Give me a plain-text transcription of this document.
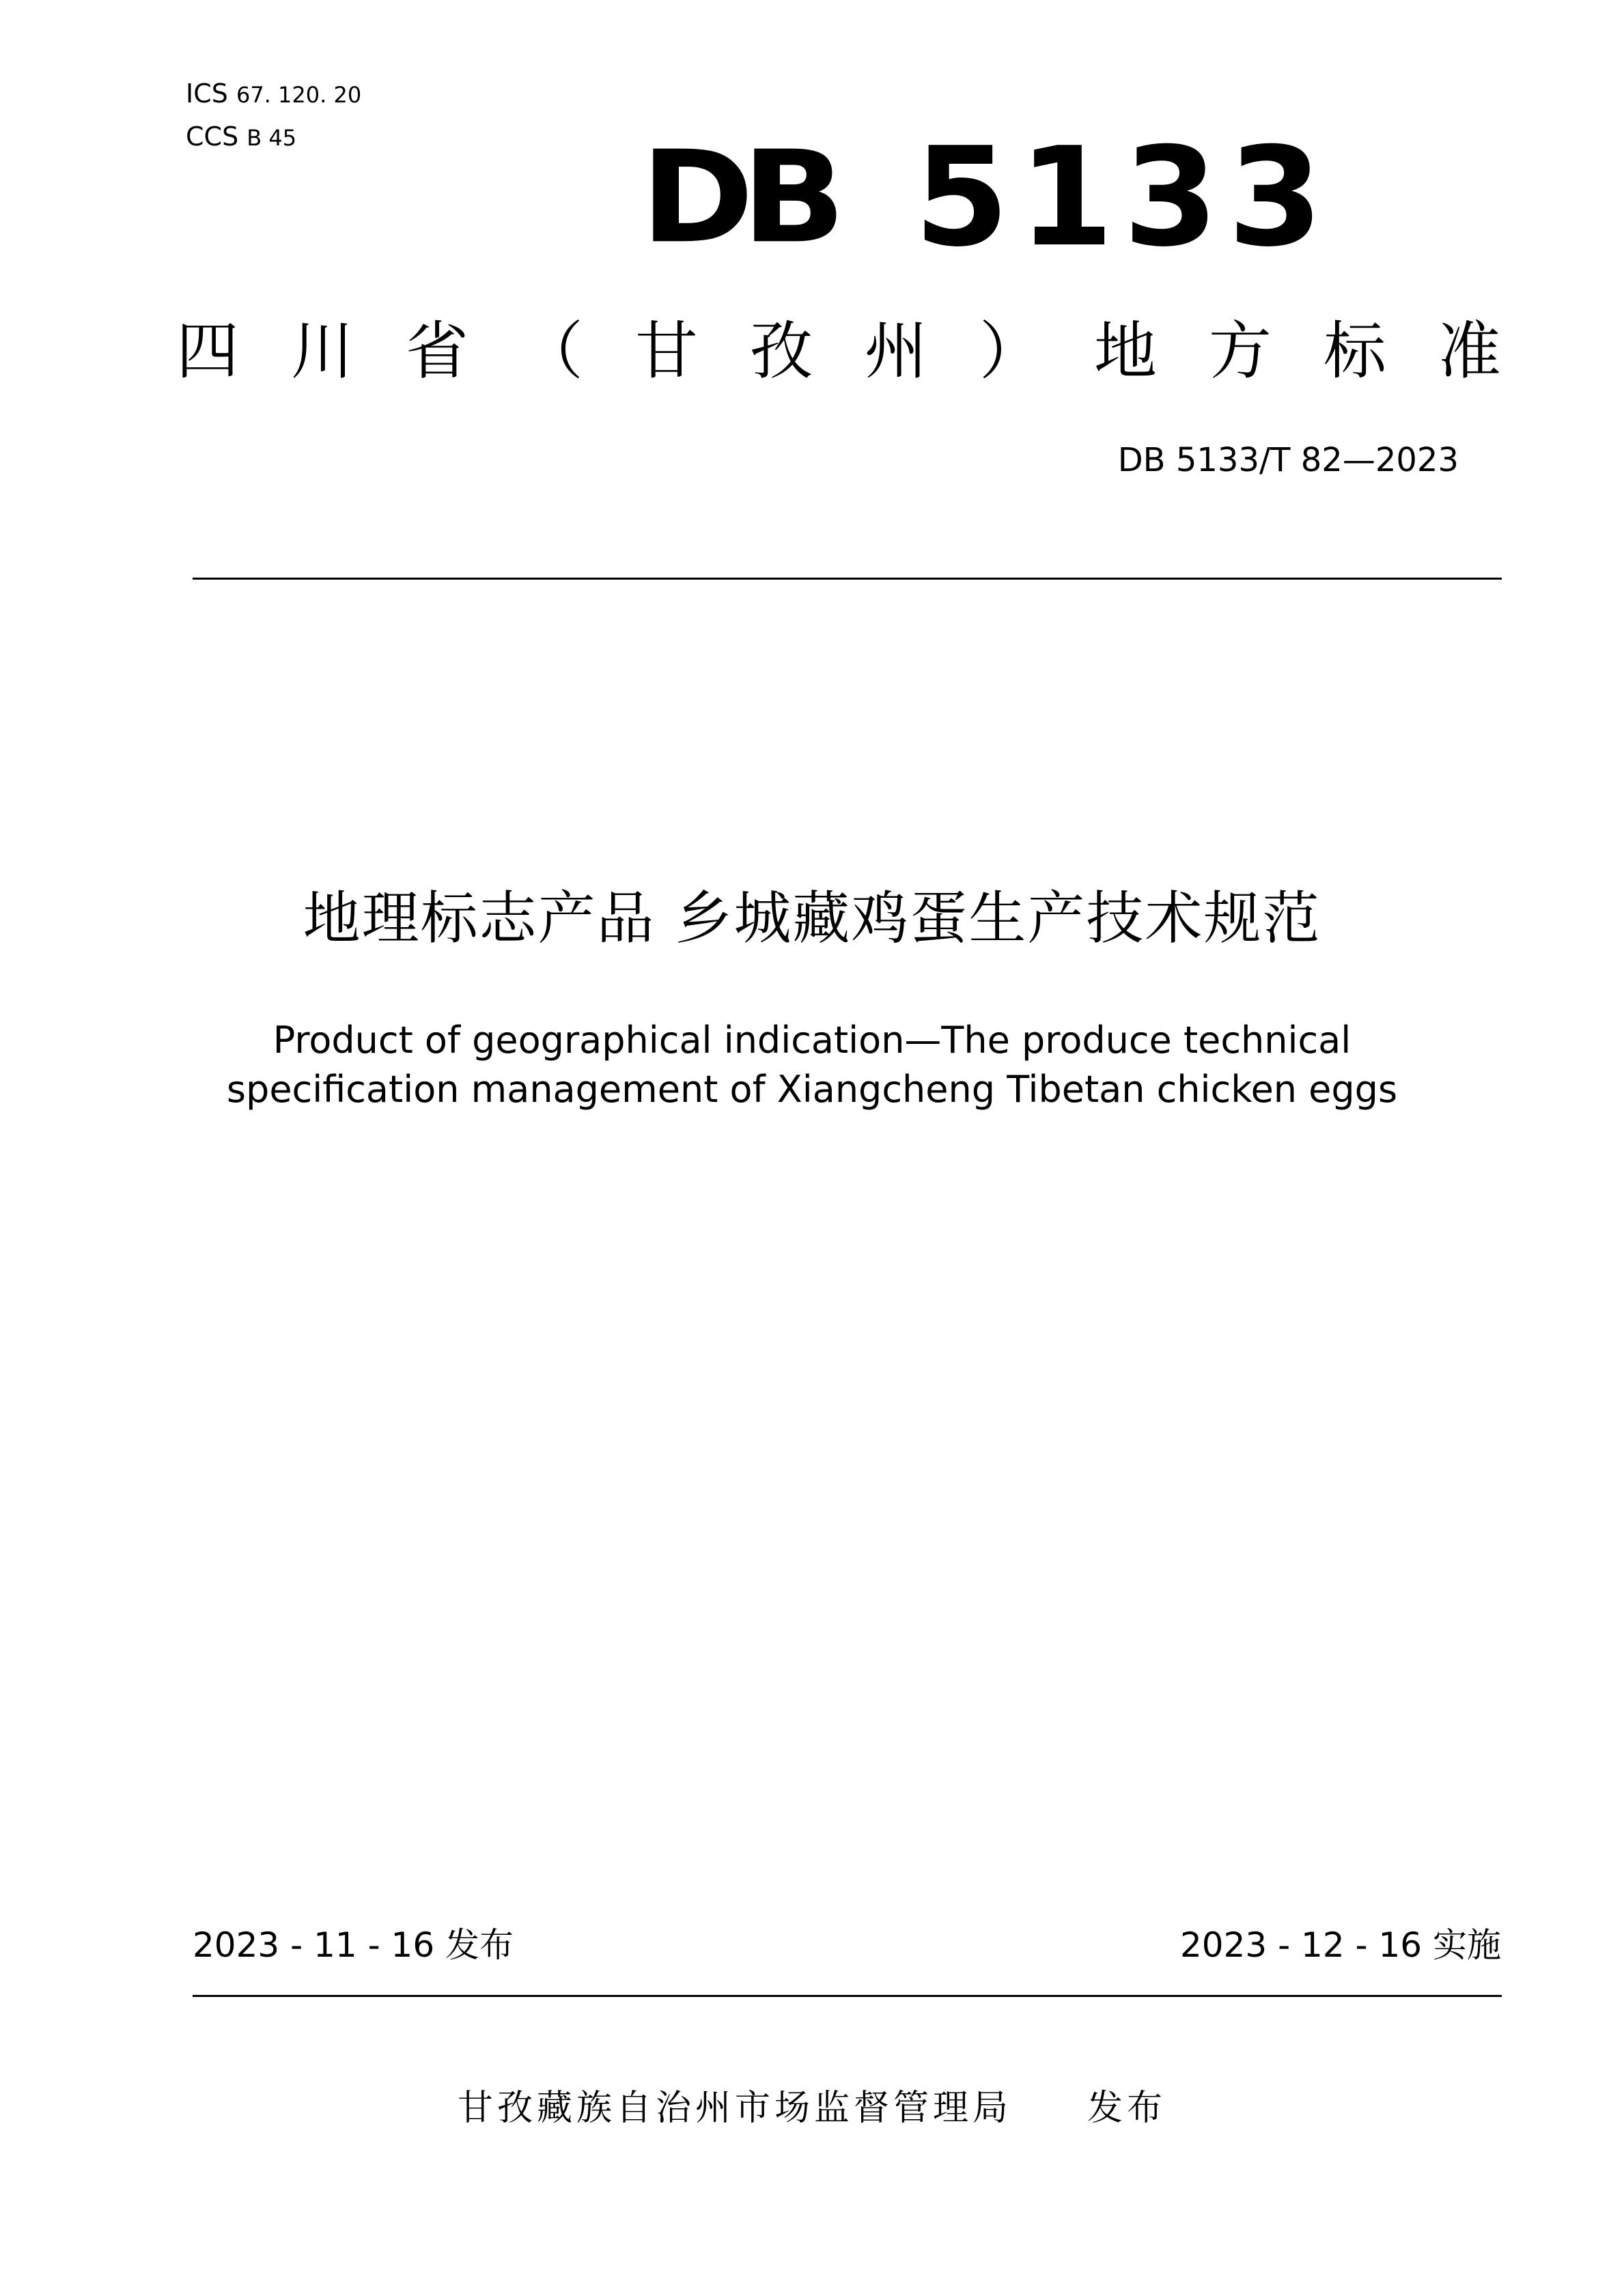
ICS 67. 120. 20
CCS B 45	DB 5133
四 川 省 （ 甘 孜 州 ） 地 方 标 准
DB 5133/T 82—2023
地理标志产品 乡城藏鸡蛋生产技术规范
Product of geographical indication—The produce technical
specification management of Xiangcheng Tibetan chicken eggs
2023 - 11 - 16 发布	2023 - 12 - 16 实施
甘孜藏族自治州市场监督管理局 发布
